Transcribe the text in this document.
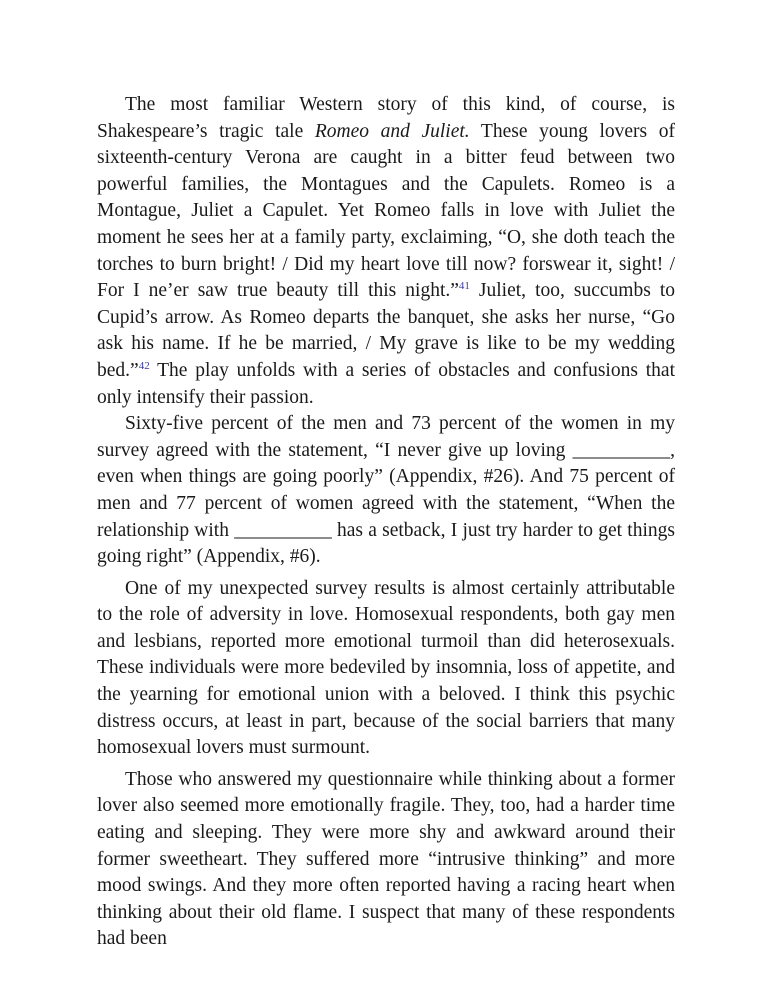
The most familiar Western story of this kind, of course, is Shakespeare’s tragic tale Romeo and Juliet. These young lovers of sixteenth-century Verona are caught in a bitter feud between two powerful families, the Montagues and the Capulets. Romeo is a Montague, Juliet a Capulet. Yet Romeo falls in love with Juliet the moment he sees her at a family party, exclaiming, “O, she doth teach the torches to burn bright! / Did my heart love till now? forswear it, sight! / For I ne’er saw true beauty till this night.”$^{41}$ Juliet, too, succumbs to Cupid’s arrow. As Romeo departs the banquet, she asks her nurse, “Go ask his name. If he be married, / My grave is like to be my wedding bed.”$^{42}$ The play unfolds with a series of obstacles and confusions that only intensify their passion.

Sixty-five percent of the men and 73 percent of the women in my survey agreed with the statement, “I never give up loving __________, even when things are going poorly” (Appendix, #26). And 75 percent of men and 77 percent of women agreed with the statement, “When the relationship with __________ has a setback, I just try harder to get things going right” (Appendix, #6).

One of my unexpected survey results is almost certainly attributable to the role of adversity in love. Homosexual respondents, both gay men and lesbians, reported more emotional turmoil than did heterosexuals. These individuals were more bedeviled by insomnia, loss of appetite, and the yearning for emotional union with a beloved. I think this psychic distress occurs, at least in part, because of the social barriers that many homosexual lovers must surmount.

Those who answered my questionnaire while thinking about a former lover also seemed more emotionally fragile. They, too, had a harder time eating and sleeping. They were more shy and awkward around their former sweetheart. They suffered more “intrusive thinking” and more mood swings. And they more often reported having a racing heart when thinking about their old flame. I suspect that many of these respondents had been
